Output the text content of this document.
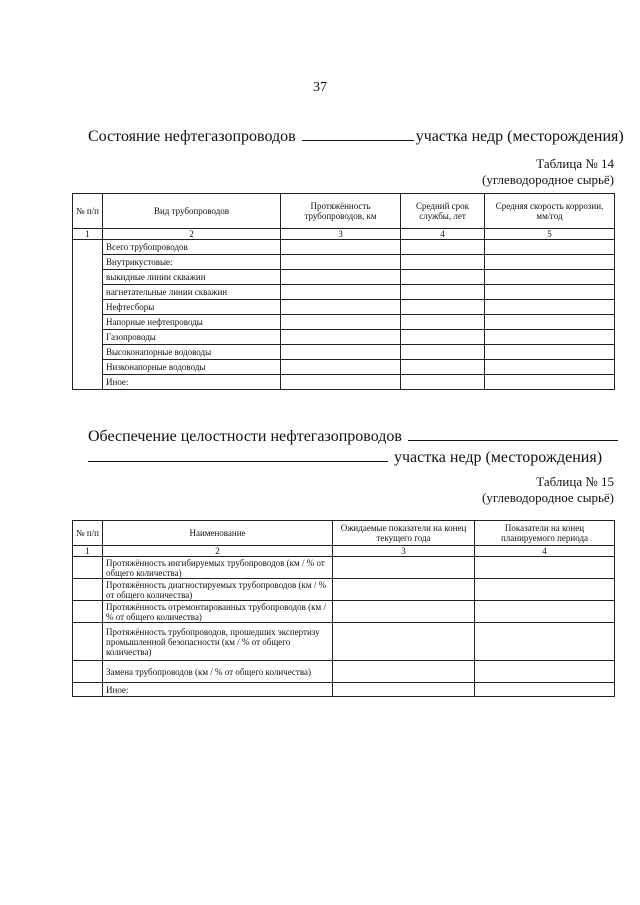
37
Состояние нефтегазопроводов	участка недр (месторождения)
Таблица № 14
(углеводородное сырьё)
№ п/п	Вид трубопроводов	Протяжённость трубопроводов, км	Средний срок службы, лет	Средняя скорость коррозии, мм/год
1	2	3	4	5
	Всего трубопроводов			
	Внутрикустовые:			
	выкидные линии скважин			
	нагнетательные линии скважин			
	Нефтесборы			
	Напорные нефтепроводы			
	Газопроводы			
	Высоконапорные водоводы			
	Низконапорные водоводы			
	Иное:			
Обеспечение целостности нефтегазопроводов
участка недр (месторождения)
Таблица № 15
(углеводородное сырьё)
№ п/п	Наименование	Ожидаемые показатели на конец текущего года	Показатели на конец планируемого периода
1	2	3	4
	Протяжённость ингибируемых трубопроводов (км / % от общего количества)		
	Протяжённость диагностируемых трубопроводов (км / % от общего количества)		
	Протяжённость отремонтированных трубопроводов (км / % от общего количества)		
	Протяжённость трубопроводов, прошедших экспертизу промышленной безопасности (км / % от общего количества)		
	Замена трубопроводов (км / % от общего количества)		
	Иное:		
